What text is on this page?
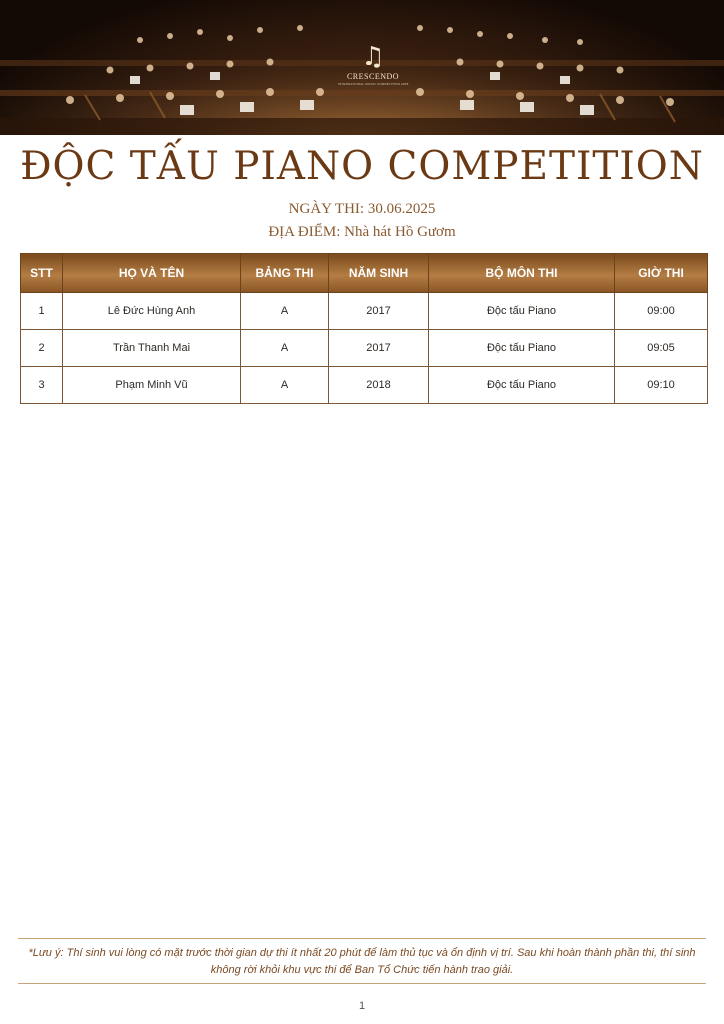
♫
CRESCENDO
INTERNATIONAL MUSIC COMPETITION 2025
ĐỘC TẤU PIANO COMPETITION
NGÀY THI: 30.06.2025
ĐỊA ĐIỂM: Nhà hát Hồ Gươm
STT	HỌ VÀ TÊN	BẢNG THI	NĂM SINH	BỘ MÔN THI	GIỜ THI
1	Lê Đức Hùng Anh	A	2017	Độc tấu Piano	09:00
2	Trần Thanh Mai	A	2017	Độc tấu Piano	09:05
3	Phạm Minh Vũ	A	2018	Độc tấu Piano	09:10
*Lưu ý: Thí sinh vui lòng có mặt trước thời gian dự thi ít nhất 20 phút để làm thủ tục và ổn định vị trí. Sau khi hoàn thành phần thi, thí sinh không rời khỏi khu vực thi để Ban Tổ Chức tiến hành trao giải.
1
